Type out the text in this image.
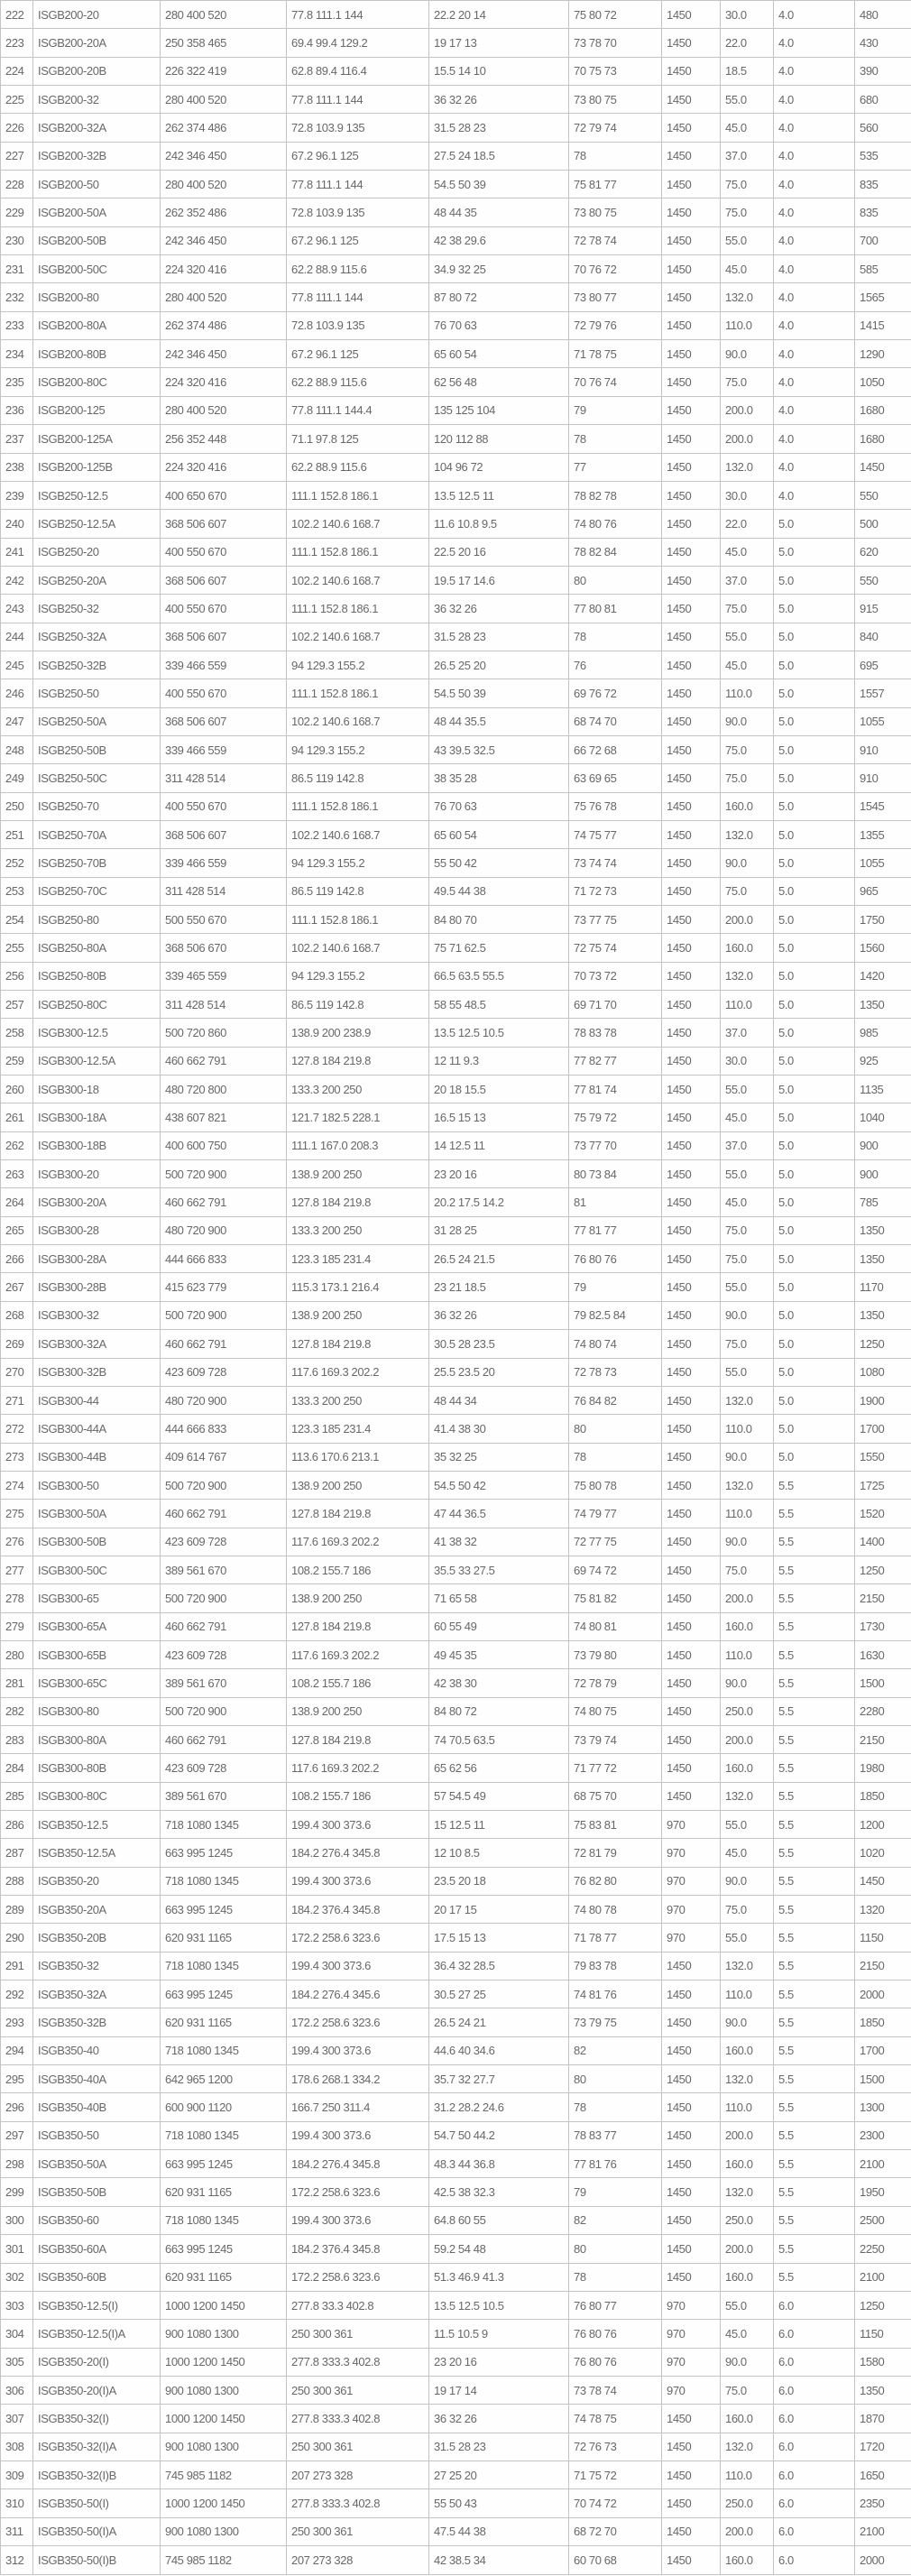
222	ISGB200-20	280 400 520	77.8 111.1 144	22.2 20 14	75 80 72	1450	30.0	4.0	480
223	ISGB200-20A	250 358 465	69.4 99.4 129.2	19 17 13	73 78 70	1450	22.0	4.0	430
224	ISGB200-20B	226 322 419	62.8 89.4 116.4	15.5 14 10	70 75 73	1450	18.5	4.0	390
225	ISGB200-32	280 400 520	77.8 111.1 144	36 32 26	73 80 75	1450	55.0	4.0	680
226	ISGB200-32A	262 374 486	72.8 103.9 135	31.5 28 23	72 79 74	1450	45.0	4.0	560
227	ISGB200-32B	242 346 450	67.2 96.1 125	27.5 24 18.5	78	1450	37.0	4.0	535
228	ISGB200-50	280 400 520	77.8 111.1 144	54.5 50 39	75 81 77	1450	75.0	4.0	835
229	ISGB200-50A	262 352 486	72.8 103.9 135	48 44 35	73 80 75	1450	75.0	4.0	835
230	ISGB200-50B	242 346 450	67.2 96.1 125	42 38 29.6	72 78 74	1450	55.0	4.0	700
231	ISGB200-50C	224 320 416	62.2 88.9 115.6	34.9 32 25	70 76 72	1450	45.0	4.0	585
232	ISGB200-80	280 400 520	77.8 111.1 144	87 80 72	73 80 77	1450	132.0	4.0	1565
233	ISGB200-80A	262 374 486	72.8 103.9 135	76 70 63	72 79 76	1450	110.0	4.0	1415
234	ISGB200-80B	242 346 450	67.2 96.1 125	65 60 54	71 78 75	1450	90.0	4.0	1290
235	ISGB200-80C	224 320 416	62.2 88.9 115.6	62 56 48	70 76 74	1450	75.0	4.0	1050
236	ISGB200-125	280 400 520	77.8 111.1 144.4	135 125 104	79	1450	200.0	4.0	1680
237	ISGB200-125A	256 352 448	71.1 97.8 125	120 112 88	78	1450	200.0	4.0	1680
238	ISGB200-125B	224 320 416	62.2 88.9 115.6	104 96 72	77	1450	132.0	4.0	1450
239	ISGB250-12.5	400 650 670	111.1 152.8 186.1	13.5 12.5 11	78 82 78	1450	30.0	4.0	550
240	ISGB250-12.5A	368 506 607	102.2 140.6 168.7	11.6 10.8 9.5	74 80 76	1450	22.0	5.0	500
241	ISGB250-20	400 550 670	111.1 152.8 186.1	22.5 20 16	78 82 84	1450	45.0	5.0	620
242	ISGB250-20A	368 506 607	102.2 140.6 168.7	19.5 17 14.6	80	1450	37.0	5.0	550
243	ISGB250-32	400 550 670	111.1 152.8 186.1	36 32 26	77 80 81	1450	75.0	5.0	915
244	ISGB250-32A	368 506 607	102.2 140.6 168.7	31.5 28 23	78	1450	55.0	5.0	840
245	ISGB250-32B	339 466 559	94 129.3 155.2	26.5 25 20	76	1450	45.0	5.0	695
246	ISGB250-50	400 550 670	111.1 152.8 186.1	54.5 50 39	69 76 72	1450	110.0	5.0	1557
247	ISGB250-50A	368 506 607	102.2 140.6 168.7	48 44 35.5	68 74 70	1450	90.0	5.0	1055
248	ISGB250-50B	339 466 559	94 129.3 155.2	43 39.5 32.5	66 72 68	1450	75.0	5.0	910
249	ISGB250-50C	311 428 514	86.5 119 142.8	38 35 28	63 69 65	1450	75.0	5.0	910
250	ISGB250-70	400 550 670	111.1 152.8 186.1	76 70 63	75 76 78	1450	160.0	5.0	1545
251	ISGB250-70A	368 506 607	102.2 140.6 168.7	65 60 54	74 75 77	1450	132.0	5.0	1355
252	ISGB250-70B	339 466 559	94 129.3 155.2	55 50 42	73 74 74	1450	90.0	5.0	1055
253	ISGB250-70C	311 428 514	86.5 119 142.8	49.5 44 38	71 72 73	1450	75.0	5.0	965
254	ISGB250-80	500 550 670	111.1 152.8 186.1	84 80 70	73 77 75	1450	200.0	5.0	1750
255	ISGB250-80A	368 506 670	102.2 140.6 168.7	75 71 62.5	72 75 74	1450	160.0	5.0	1560
256	ISGB250-80B	339 465 559	94 129.3 155.2	66.5 63.5 55.5	70 73 72	1450	132.0	5.0	1420
257	ISGB250-80C	311 428 514	86.5 119 142.8	58 55 48.5	69 71 70	1450	110.0	5.0	1350
258	ISGB300-12.5	500 720 860	138.9 200 238.9	13.5 12.5 10.5	78 83 78	1450	37.0	5.0	985
259	ISGB300-12.5A	460 662 791	127.8 184 219.8	12 11 9.3	77 82 77	1450	30.0	5.0	925
260	ISGB300-18	480 720 800	133.3 200 250	20 18 15.5	77 81 74	1450	55.0	5.0	1135
261	ISGB300-18A	438 607 821	121.7 182.5 228.1	16.5 15 13	75 79 72	1450	45.0	5.0	1040
262	ISGB300-18B	400 600 750	111.1 167.0 208.3	14 12.5 11	73 77 70	1450	37.0	5.0	900
263	ISGB300-20	500 720 900	138.9 200 250	23 20 16	80 73 84	1450	55.0	5.0	900
264	ISGB300-20A	460 662 791	127.8 184 219.8	20.2 17.5 14.2	81	1450	45.0	5.0	785
265	ISGB300-28	480 720 900	133.3 200 250	31 28 25	77 81 77	1450	75.0	5.0	1350
266	ISGB300-28A	444 666 833	123.3 185 231.4	26.5 24 21.5	76 80 76	1450	75.0	5.0	1350
267	ISGB300-28B	415 623 779	115.3 173.1 216.4	23 21 18.5	79	1450	55.0	5.0	1170
268	ISGB300-32	500 720 900	138.9 200 250	36 32 26	79 82.5 84	1450	90.0	5.0	1350
269	ISGB300-32A	460 662 791	127.8 184 219.8	30.5 28 23.5	74 80 74	1450	75.0	5.0	1250
270	ISGB300-32B	423 609 728	117.6 169.3 202.2	25.5 23.5 20	72 78 73	1450	55.0	5.0	1080
271	ISGB300-44	480 720 900	133.3 200 250	48 44 34	76 84 82	1450	132.0	5.0	1900
272	ISGB300-44A	444 666 833	123.3 185 231.4	41.4 38 30	80	1450	110.0	5.0	1700
273	ISGB300-44B	409 614 767	113.6 170.6 213.1	35 32 25	78	1450	90.0	5.0	1550
274	ISGB300-50	500 720 900	138.9 200 250	54.5 50 42	75 80 78	1450	132.0	5.5	1725
275	ISGB300-50A	460 662 791	127.8 184 219.8	47 44 36.5	74 79 77	1450	110.0	5.5	1520
276	ISGB300-50B	423 609 728	117.6 169.3 202.2	41 38 32	72 77 75	1450	90.0	5.5	1400
277	ISGB300-50C	389 561 670	108.2 155.7 186	35.5 33 27.5	69 74 72	1450	75.0	5.5	1250
278	ISGB300-65	500 720 900	138.9 200 250	71 65 58	75 81 82	1450	200.0	5.5	2150
279	ISGB300-65A	460 662 791	127.8 184 219.8	60 55 49	74 80 81	1450	160.0	5.5	1730
280	ISGB300-65B	423 609 728	117.6 169.3 202.2	49 45 35	73 79 80	1450	110.0	5.5	1630
281	ISGB300-65C	389 561 670	108.2 155.7 186	42 38 30	72 78 79	1450	90.0	5.5	1500
282	ISGB300-80	500 720 900	138.9 200 250	84 80 72	74 80 75	1450	250.0	5.5	2280
283	ISGB300-80A	460 662 791	127.8 184 219.8	74 70.5 63.5	73 79 74	1450	200.0	5.5	2150
284	ISGB300-80B	423 609 728	117.6 169.3 202.2	65 62 56	71 77 72	1450	160.0	5.5	1980
285	ISGB300-80C	389 561 670	108.2 155.7 186	57 54.5 49	68 75 70	1450	132.0	5.5	1850
286	ISGB350-12.5	718 1080 1345	199.4 300 373.6	15 12.5 11	75 83 81	970	55.0	5.5	1200
287	ISGB350-12.5A	663 995 1245	184.2 276.4 345.8	12 10 8.5	72 81 79	970	45.0	5.5	1020
288	ISGB350-20	718 1080 1345	199.4 300 373.6	23.5 20 18	76 82 80	970	90.0	5.5	1450
289	ISGB350-20A	663 995 1245	184.2 376.4 345.8	20 17 15	74 80 78	970	75.0	5.5	1320
290	ISGB350-20B	620 931 1165	172.2 258.6 323.6	17.5 15 13	71 78 77	970	55.0	5.5	1150
291	ISGB350-32	718 1080 1345	199.4 300 373.6	36.4 32 28.5	79 83 78	1450	132.0	5.5	2150
292	ISGB350-32A	663 995 1245	184.2 276.4 345.6	30.5 27 25	74 81 76	1450	110.0	5.5	2000
293	ISGB350-32B	620 931 1165	172.2 258.6 323.6	26.5 24 21	73 79 75	1450	90.0	5.5	1850
294	ISGB350-40	718 1080 1345	199.4 300 373.6	44.6 40 34.6	82	1450	160.0	5.5	1700
295	ISGB350-40A	642 965 1200	178.6 268.1 334.2	35.7 32 27.7	80	1450	132.0	5.5	1500
296	ISGB350-40B	600 900 1120	166.7 250 311.4	31.2 28.2 24.6	78	1450	110.0	5.5	1300
297	ISGB350-50	718 1080 1345	199.4 300 373.6	54.7 50 44.2	78 83 77	1450	200.0	5.5	2300
298	ISGB350-50A	663 995 1245	184.2 276.4 345.8	48.3 44 36.8	77 81 76	1450	160.0	5.5	2100
299	ISGB350-50B	620 931 1165	172.2 258.6 323.6	42.5 38 32.3	79	1450	132.0	5.5	1950
300	ISGB350-60	718 1080 1345	199.4 300 373.6	64.8 60 55	82	1450	250.0	5.5	2500
301	ISGB350-60A	663 995 1245	184.2 376.4 345.8	59.2 54 48	80	1450	200.0	5.5	2250
302	ISGB350-60B	620 931 1165	172.2 258.6 323.6	51.3 46.9 41.3	78	1450	160.0	5.5	2100
303	ISGB350-12.5(I)	1000 1200 1450	277.8 33.3 402.8	13.5 12.5 10.5	76 80 77	970	55.0	6.0	1250
304	ISGB350-12.5(I)A	900 1080 1300	250 300 361	11.5 10.5 9	76 80 76	970	45.0	6.0	1150
305	ISGB350-20(I)	1000 1200 1450	277.8 333.3 402.8	23 20 16	76 80 76	970	90.0	6.0	1580
306	ISGB350-20(I)A	900 1080 1300	250 300 361	19 17 14	73 78 74	970	75.0	6.0	1350
307	ISGB350-32(I)	1000 1200 1450	277.8 333.3 402.8	36 32 26	74 78 75	1450	160.0	6.0	1870
308	ISGB350-32(I)A	900 1080 1300	250 300 361	31.5 28 23	72 76 73	1450	132.0	6.0	1720
309	ISGB350-32(I)B	745 985 1182	207 273 328	27 25 20	71 75 72	1450	110.0	6.0	1650
310	ISGB350-50(I)	1000 1200 1450	277.8 333.3 402.8	55 50 43	70 74 72	1450	250.0	6.0	2350
311	ISGB350-50(I)A	900 1080 1300	250 300 361	47.5 44 38	68 72 70	1450	200.0	6.0	2100
312	ISGB350-50(I)B	745 985 1182	207 273 328	42 38.5 34	60 70 68	1450	160.0	6.0	2000
